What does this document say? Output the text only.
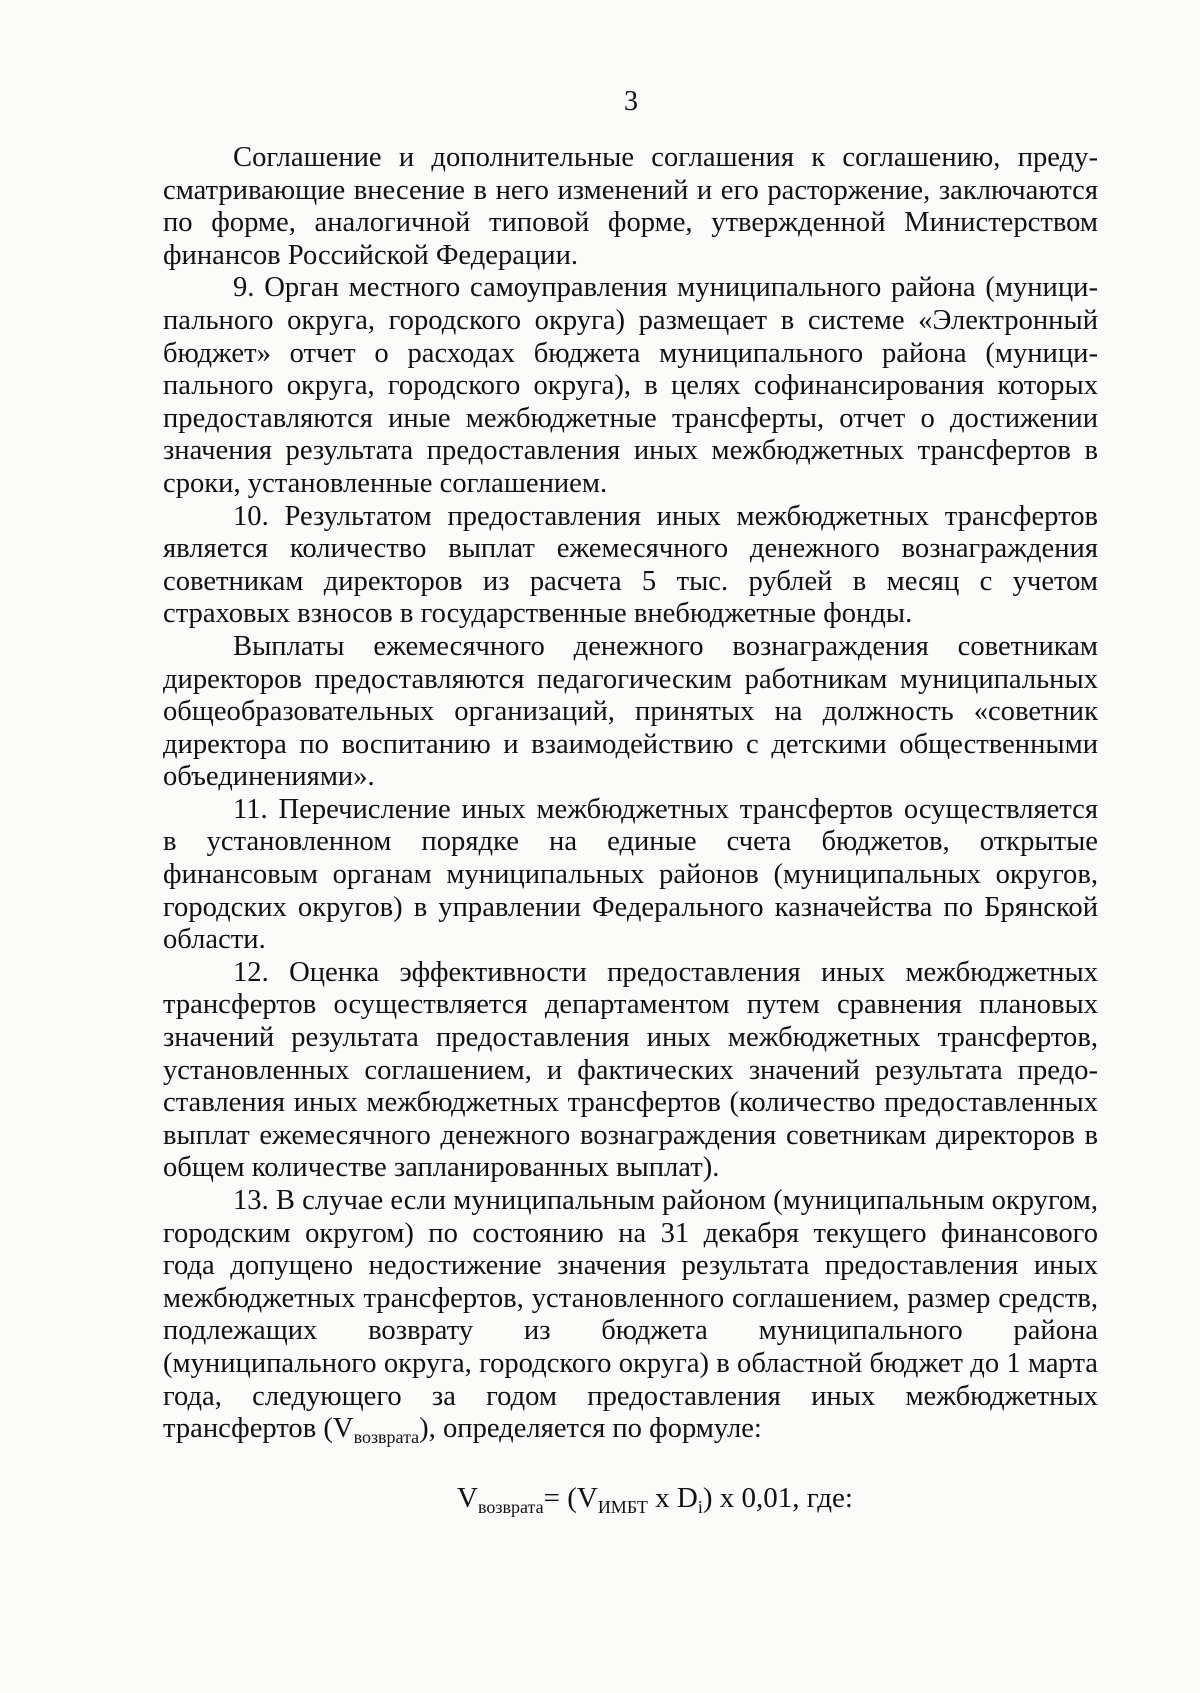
3

Соглашение и дополнительные соглашения к соглашению, предусматривающие внесение в него изменений и его расторжение, заключаются по форме, аналогичной типовой форме, утвержденной Министерством финансов Российской Федерации.

9. Орган местного самоуправления муниципального района (муниципального округа, городского округа) размещает в системе «Электронный бюджет» отчет о расходах бюджета муниципального района (муниципального округа, городского округа), в целях софинансирования которых предоставляются иные межбюджетные трансферты, отчет о достижении значения результата предоставления иных межбюджетных трансфертов в сроки, установленные соглашением.

10. Результатом предоставления иных межбюджетных трансфертов является количество выплат ежемесячного денежного вознаграждения советникам директоров из расчета 5 тыс. рублей в месяц с учетом страховых взносов в государственные внебюджетные фонды.

Выплаты ежемесячного денежного вознаграждения советникам директоров предоставляются педагогическим работникам муниципальных общеобразовательных организаций, принятых на должность «советник директора по воспитанию и взаимодействию с детскими общественными объединениями».

11. Перечисление иных межбюджетных трансфертов осуществляется в установленном порядке на единые счета бюджетов, открытые финансовым органам муниципальных районов (муниципальных округов, городских округов) в управлении Федерального казначейства по Брянской области.

12. Оценка эффективности предоставления иных межбюджетных трансфертов осуществляется департаментом путем сравнения плановых значений результата предоставления иных межбюджетных трансфертов, установленных соглашением, и фактических значений результата предоставления иных межбюджетных трансфертов (количество предоставленных выплат ежемесячного денежного вознаграждения советникам директоров в общем количестве запланированных выплат).

13. В случае если муниципальным районом (муниципальным округом, городским округом) по состоянию на 31 декабря текущего финансового года допущено недостижение значения результата предоставления иных межбюджетных трансфертов, установленного соглашением, размер средств, подлежащих возврату из бюджета муниципального района (муниципального округа, городского округа) в областной бюджет до 1 марта года, следующего за годом предоставления иных межбюджетных трансфертов $(V_{возврата})$, определяется по формуле:

$V_{возврата}= (V_{ИМБТ}$ x $D_i$) x 0,01, где:
